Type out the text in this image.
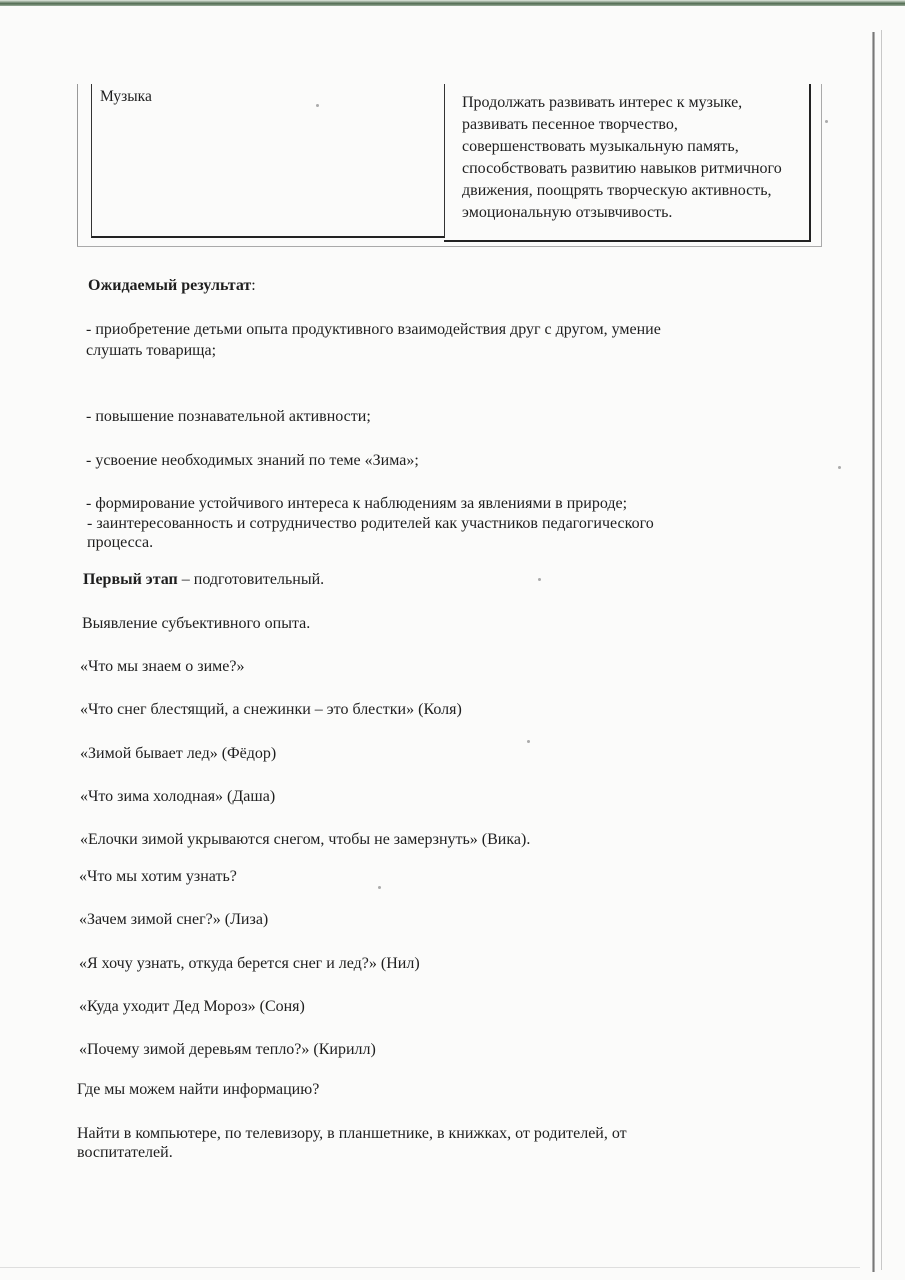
Музыка	Продолжать развивать интерес к музыке, развивать песенное творчество, совершенствовать музыкальную память, способствовать развитию навыков ритмичного движения, поощрять творческую активность, эмоциональную отзывчивость.
Ожидаемый результат:
- приобретение детьми опыта продуктивного взаимодействия друг с другом, умение
слушать товарища;
- повышение познавательной активности;
- усвоение необходимых знаний по теме «Зима»;
- формирование устойчивого интереса к наблюдениям за явлениями в природе;
- заинтересованность и сотрудничество родителей как участников педагогического
процесса.
Первый этап – подготовительный.
Выявление субъективного опыта.
«Что мы знаем о зиме?»
«Что снег блестящий, а снежинки – это блестки» (Коля)
«Зимой бывает лед» (Фёдор)
«Что зима холодная» (Даша)
«Елочки зимой укрываются снегом, чтобы не замерзнуть» (Вика).
«Что мы хотим узнать?
«Зачем зимой снег?» (Лиза)
«Я хочу узнать, откуда берется снег и лед?» (Нил)
«Куда уходит Дед Мороз» (Соня)
«Почему зимой деревьям тепло?» (Кирилл)
Где мы можем найти информацию?
Найти в компьютере, по телевизору, в планшетнике, в книжках, от родителей, от
воспитателей.
